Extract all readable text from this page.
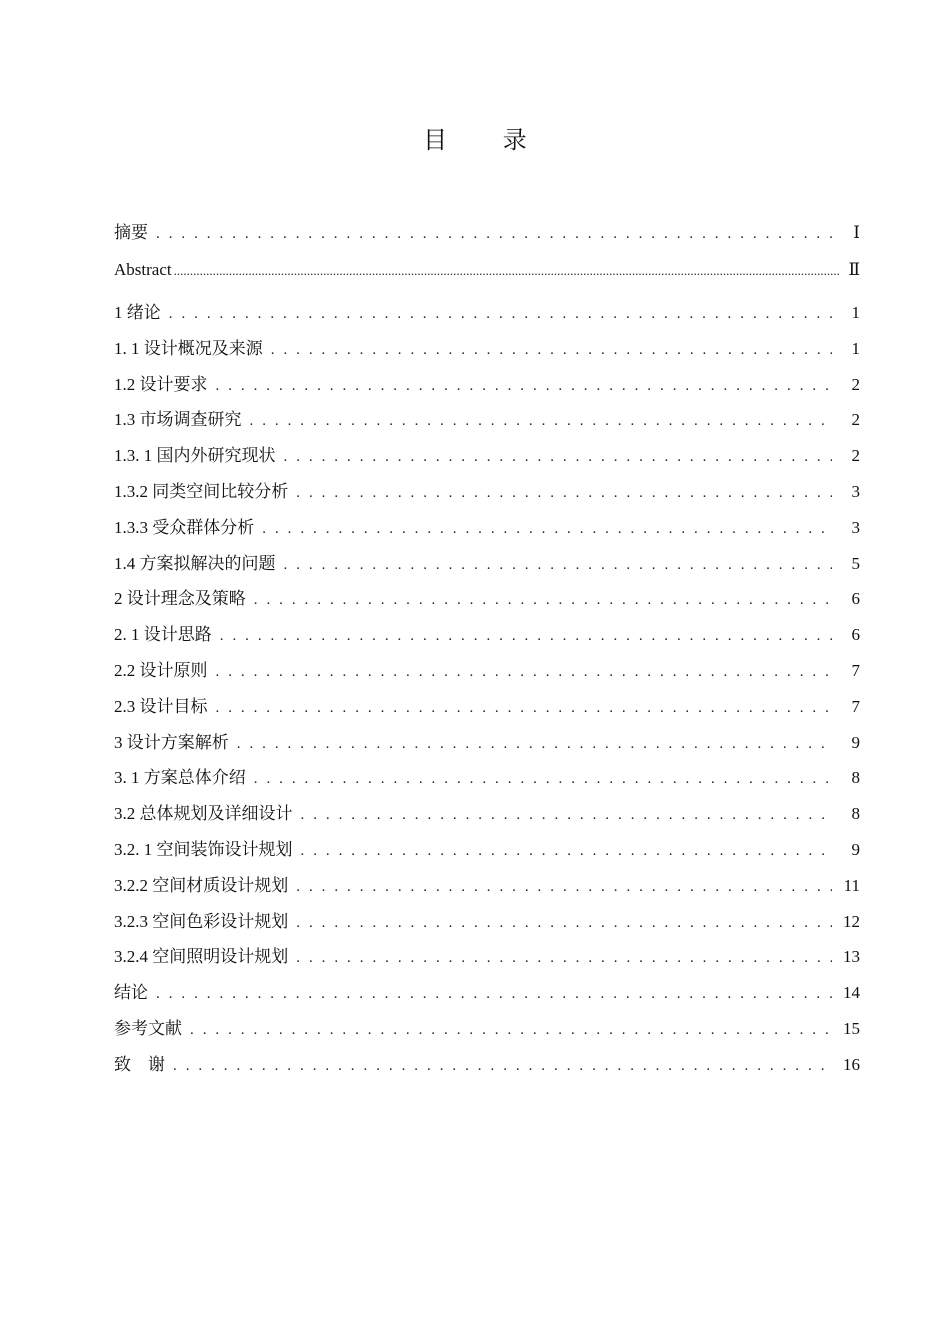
目 录
摘要 . . .	Ⅰ
Abstract .....	Ⅱ
1 绪论 . . .	1
1. 1 设计概况及来源 . . .	1
1.2 设计要求 . . .	2
1.3 市场调查研究 . . .	2
1.3. 1 国内外研究现状 . . .	2
1.3.2 同类空间比较分析 . . .	3
1.3.3 受众群体分析 . . .	3
1.4 方案拟解决的问题 . . .	5
2 设计理念及策略 . . .	6
2. 1 设计思路 . . .	6
2.2 设计原则 . . .	7
2.3 设计目标 . . .	7
3 设计方案解析 . . .	9
3. 1 方案总体介绍 . . .	8
3.2 总体规划及详细设计 . . .	8
3.2. 1 空间装饰设计规划 . . .	9
3.2.2 空间材质设计规划 . . .	11
3.2.3 空间色彩设计规划 . . .	12
3.2.4 空间照明设计规划 . . .	13
结论 . . .	14
参考文献 . . .	15
致    谢 . . .	16
